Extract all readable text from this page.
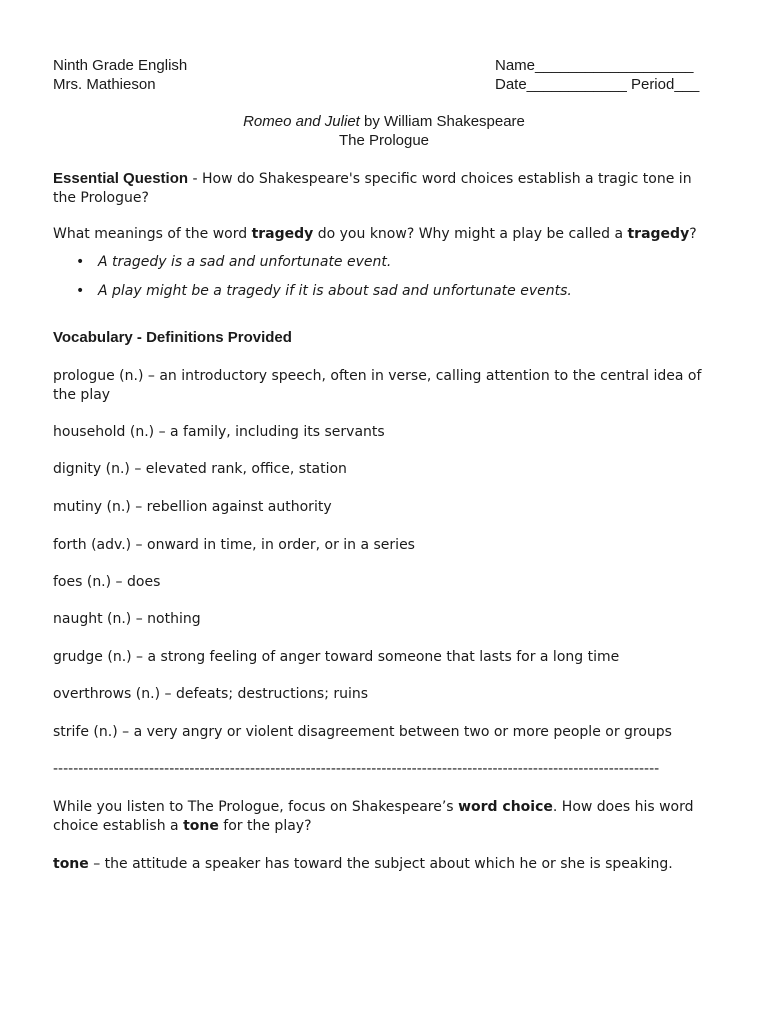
Ninth Grade English
Mrs. Mathieson
Name___________________
Date____________ Period___
Romeo and Juliet by William Shakespeare
The Prologue

Essential Question - How do Shakespeare's specific word choices establish a tragic tone in the Prologue?

What meanings of the word tragedy do you know? Why might a play be called a tragedy?

• A tragedy is a sad and unfortunate event.
• A play might be a tragedy if it is about sad and unfortunate events.
Vocabulary - Definitions Provided

prologue (n.) – an introductory speech, often in verse, calling attention to the central idea of the play

household (n.) – a family, including its servants
dignity (n.) – elevated rank, office, station
mutiny (n.) – rebellion against authority
forth (adv.) – onward in time, in order, or in a series
foes (n.) – does
naught (n.) – nothing
grudge (n.) – a strong feeling of anger toward someone that lasts for a long time
overthrows (n.) – defeats; destructions; ruins
strife (n.) – a very angry or violent disagreement between two or more people or groups
------------------------------------------------------------------------------------------------------------------------

While you listen to The Prologue, focus on Shakespeare’s word choice. How does his word choice establish a tone for the play?

tone – the attitude a speaker has toward the subject about which he or she is speaking.
